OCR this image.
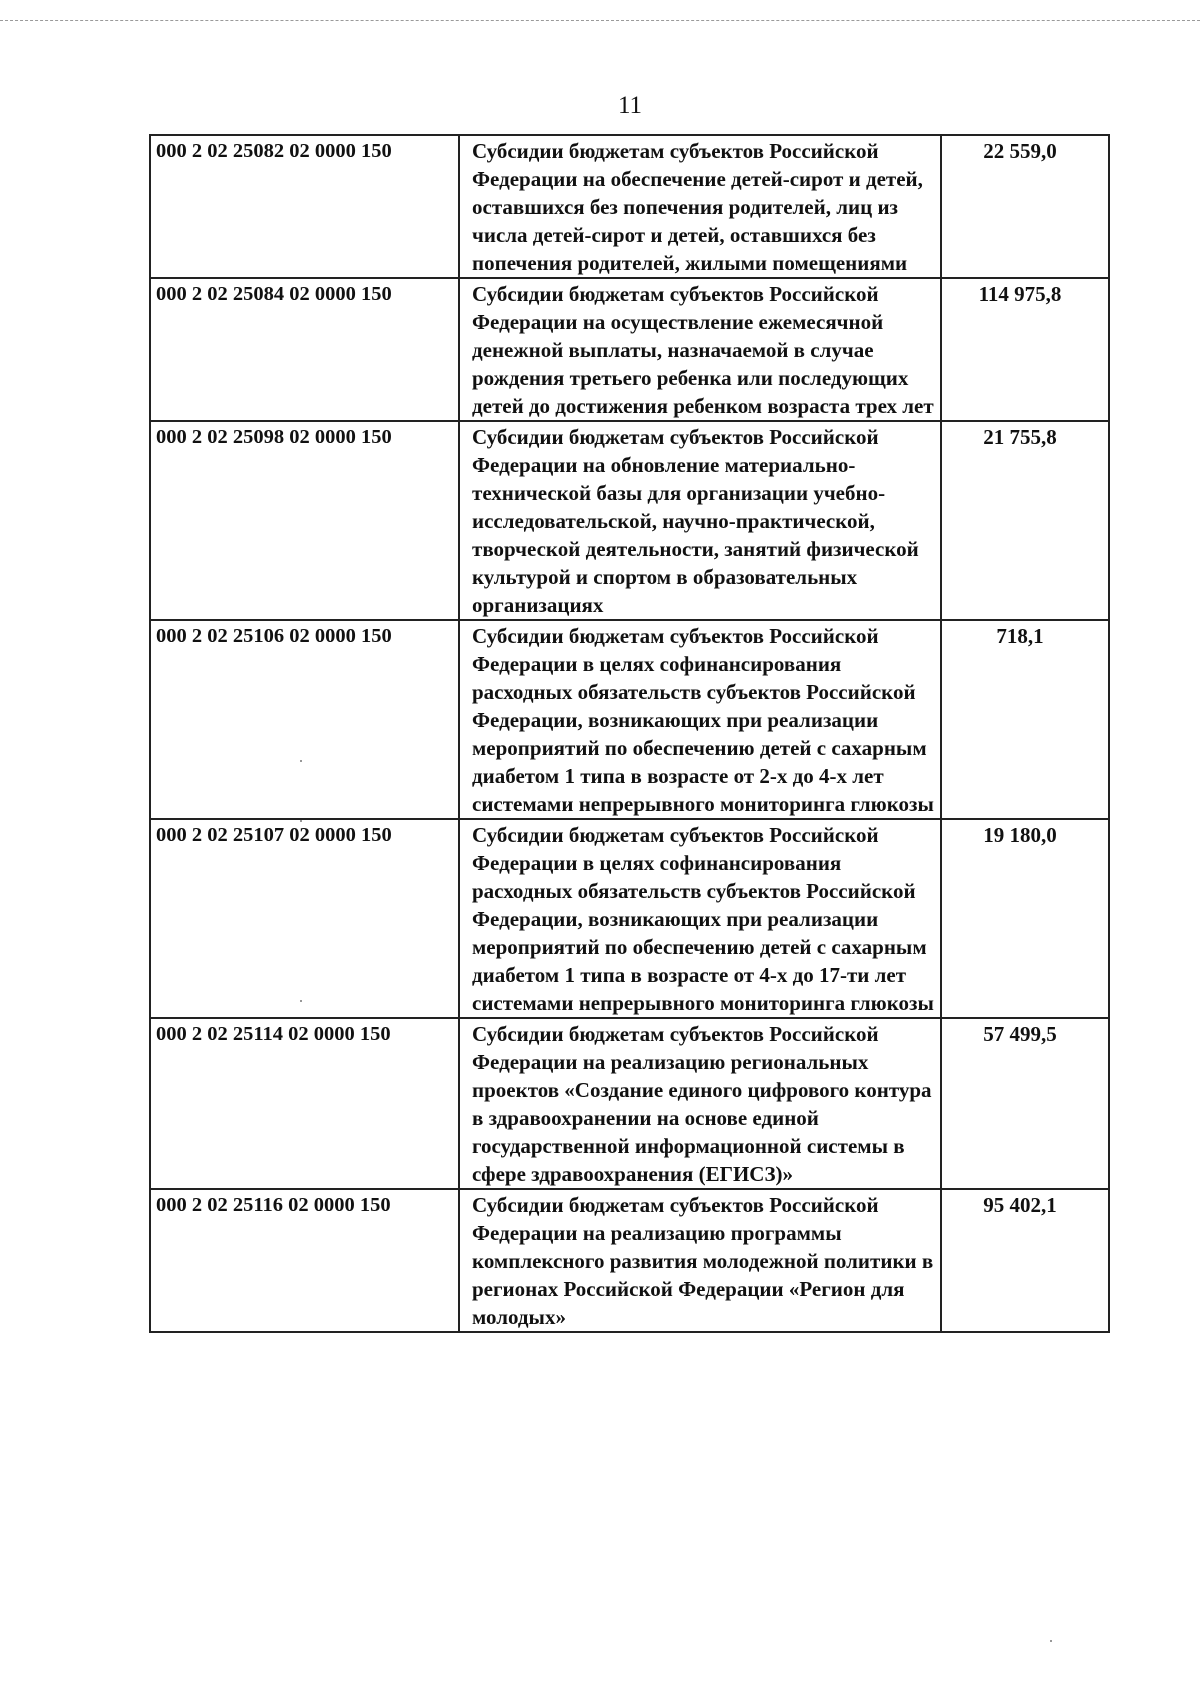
11
000 2 02 25082 02 0000 150	Субсидии бюджетам субъектов Российской Федерации на обеспечение детей-сирот и детей, оставшихся без попечения родителей, лиц из числа детей-сирот и детей, оставшихся без попечения родителей, жилыми помещениями	22 559,0
000 2 02 25084 02 0000 150	Субсидии бюджетам субъектов Российской Федерации на осуществление ежемесячной денежной выплаты, назначаемой в случае рождения третьего ребенка или последующих детей до достижения ребенком возраста трех лет	114 975,8
000 2 02 25098 02 0000 150	Субсидии бюджетам субъектов Российской Федерации на обновление материально-технической базы для организации учебно-исследовательской, научно-практической, творческой деятельности, занятий физической культурой и спортом в образовательных организациях	21 755,8
000 2 02 25106 02 0000 150	Субсидии бюджетам субъектов Российской Федерации в целях софинансирования расходных обязательств субъектов Российской Федерации, возникающих при реализации мероприятий по обеспечению детей с сахарным диабетом 1 типа в возрасте от 2-х до 4-х лет системами непрерывного мониторинга глюкозы	718,1
000 2 02 25107 02 0000 150	Субсидии бюджетам субъектов Российской Федерации в целях софинансирования расходных обязательств субъектов Российской Федерации, возникающих при реализации мероприятий по обеспечению детей с сахарным диабетом 1 типа в возрасте от 4-х до 17-ти лет системами непрерывного мониторинга глюкозы	19 180,0
000 2 02 25114 02 0000 150	Субсидии бюджетам субъектов Российской Федерации на реализацию региональных проектов «Создание единого цифрового контура в здравоохранении на основе единой государственной информационной системы в сфере здравоохранения (ЕГИСЗ)»	57 499,5
000 2 02 25116 02 0000 150	Субсидии бюджетам субъектов Российской Федерации на реализацию программы комплексного развития молодежной политики в регионах Российской Федерации «Регион для молодых»	95 402,1
